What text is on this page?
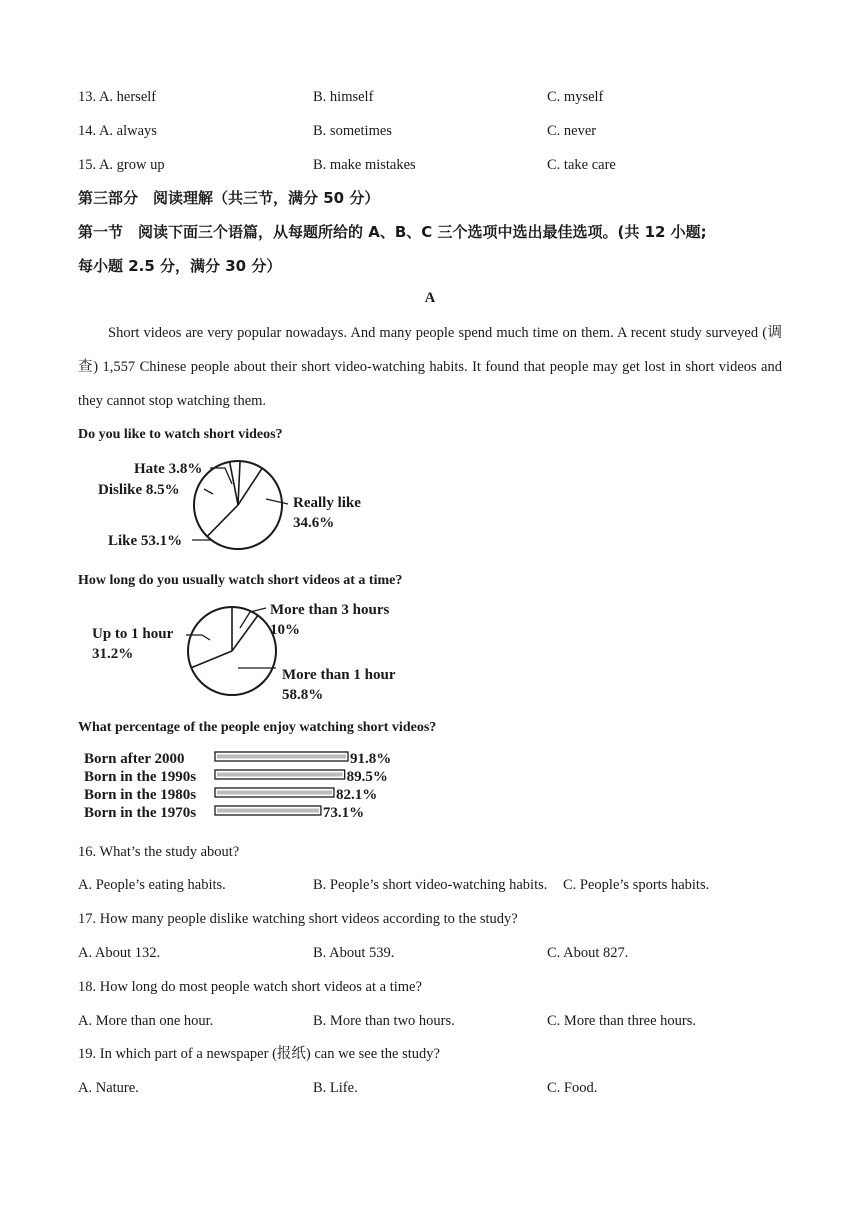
13. A. herself	B. himself	C. myself
14. A. always	B. sometimes	C. never
15. A. grow up	B. make mistakes	C. take care
第三部分　阅读理解（共三节，满分 50 分）
第一节　阅读下面三个语篇，从每题所给的 A、B、C 三个选项中选出最佳选项。(共 12 小题;
每小题 2.5 分，满分 30 分）
A
Short videos are very popular nowadays. And many people spend much time on them. A recent study surveyed (调查) 1,557 Chinese people about their short video-watching habits. It found that people may get lost in short videos and they cannot stop watching them.
Do you like to watch short videos?
Hate 3.8%
Dislike 8.5%
Like 53.1%
Really like
34.6%
How long do you usually watch short videos at a time?
Up to 1 hour
31.2%
More than 3 hours
10%
More than 1 hour
58.8%
What percentage of the people enjoy watching short videos?
Born after 2000	91.8%
Born in the 1990s	89.5%
Born in the 1980s	82.1%
Born in the 1970s	73.1%
16. What’s the study about?
A. People’s eating habits.	B. People’s short video-watching habits. C. People’s sports habits.
17. How many people dislike watching short videos according to the study?
A. About 132.	B. About 539.	C. About 827.
18. How long do most people watch short videos at a time?
A. More than one hour.	B. More than two hours.	C. More than three hours.
19. In which part of a newspaper (报纸) can we see the study?
A. Nature.	B. Life.	C. Food.
